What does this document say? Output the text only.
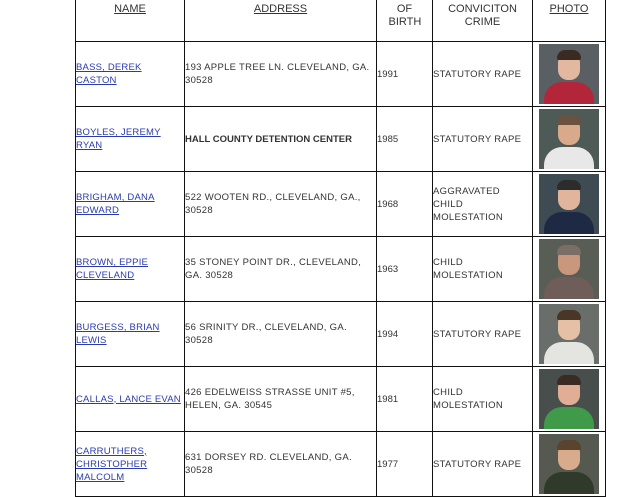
NAME	ADDRESS	OF BIRTH	CONVICITON CRIME	PHOTO
BASS, DEREK CASTON	193 APPLE TREE LN. CLEVELAND, GA. 30528	1991	STATUTORY RAPE	

BOYLES, JEREMY RYAN	HALL COUNTY DETENTION CENTER	1985	STATUTORY RAPE	

BRIGHAM, DANA EDWARD	522 WOOTEN RD., CLEVELAND, GA., 30528	1968	AGGRAVATED CHILD MOLESTATION	

BROWN, EPPIE CLEVELAND	35 STONEY POINT DR., CLEVELAND, GA. 30528	1963	CHILD MOLESTATION	

BURGESS, BRIAN LEWIS	56 SRINITY DR., CLEVELAND, GA. 30528	1994	STATUTORY RAPE	

CALLAS, LANCE EVAN	426 EDELWEISS STRASSE UNIT #5, HELEN, GA. 30545	1981	CHILD MOLESTATION	

CARRUTHERS, CHRISTOPHER MALCOLM	631 DORSEY RD. CLEVELAND, GA. 30528	1977	STATUTORY RAPE	
